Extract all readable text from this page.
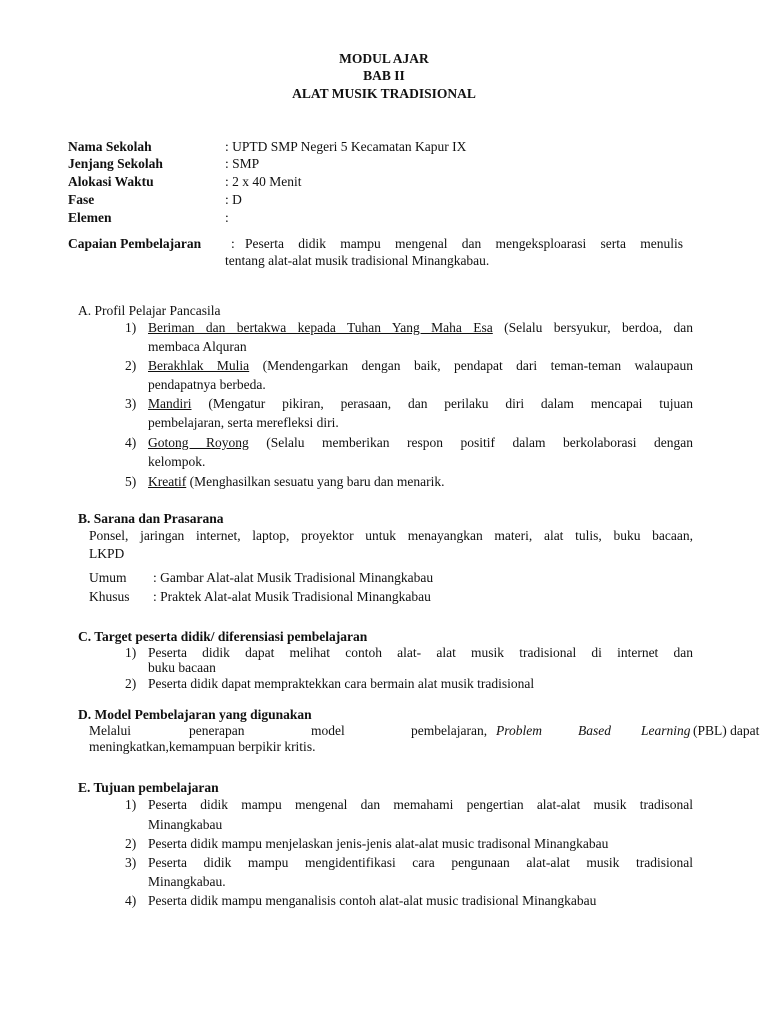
MODUL AJAR
BAB II
ALAT MUSIK TRADISIONAL
Nama Sekolah	: UPTD SMP Negeri 5 Kecamatan Kapur IX
Jenjang Sekolah	: SMP
Alokasi Waktu	: 2 x 40 Menit
Fase	: D
Elemen	:
Capaian Pembelajaran : Peserta didik mampu mengenal dan mengeksploarasi serta menulis
tentang alat-alat musik tradisional Minangkabau.
A. Profil Pelajar Pancasila
1) Beriman dan bertakwa kepada Tuhan Yang Maha Esa (Selalu bersyukur, berdoa, dan
membaca Alquran
2) Berakhlak Mulia (Mendengarkan dengan baik, pendapat dari teman-teman walaupaun
pendapatnya berbeda.
3) Mandiri (Mengatur pikiran, perasaan, dan perilaku diri dalam mencapai tujuan
pembelajaran, serta merefleksi diri.
4) Gotong Royong (Selalu memberikan respon positif dalam berkolaborasi dengan
kelompok.
5) Kreatif (Menghasilkan sesuatu yang baru dan menarik.
B. Sarana dan Prasarana
Ponsel, jaringan internet, laptop, proyektor untuk menayangkan materi, alat tulis, buku bacaan,
LKPD
Umum : Gambar Alat-alat Musik Tradisional Minangkabau
Khusus : Praktek Alat-alat Musik Tradisional Minangkabau
C. Target peserta didik/ diferensiasi pembelajaran
1) Peserta didik dapat melihat contoh alat- alat musik tradisional di internet dan
buku bacaan
2) Peserta didik dapat mempraktekkan cara bermain alat musik tradisional
D. Model Pembelajaran yang digunakan
Melalui	penerapan	model	pembelajaran, Problem	Based Learning (PBL) dapat
meningkatkan,kemampuan berpikir kritis.
E. Tujuan pembelajaran
1) Peserta didik mampu mengenal dan memahami pengertian alat-alat musik tradisonal
Minangkabau
2) Peserta didik mampu menjelaskan jenis-jenis alat-alat music tradisonal Minangkabau
3) Peserta didik mampu mengidentifikasi cara pengunaan alat-alat musik tradisional
Minangkabau.
4) Peserta didik mampu menganalisis contoh alat-alat music tradisional Minangkabau
